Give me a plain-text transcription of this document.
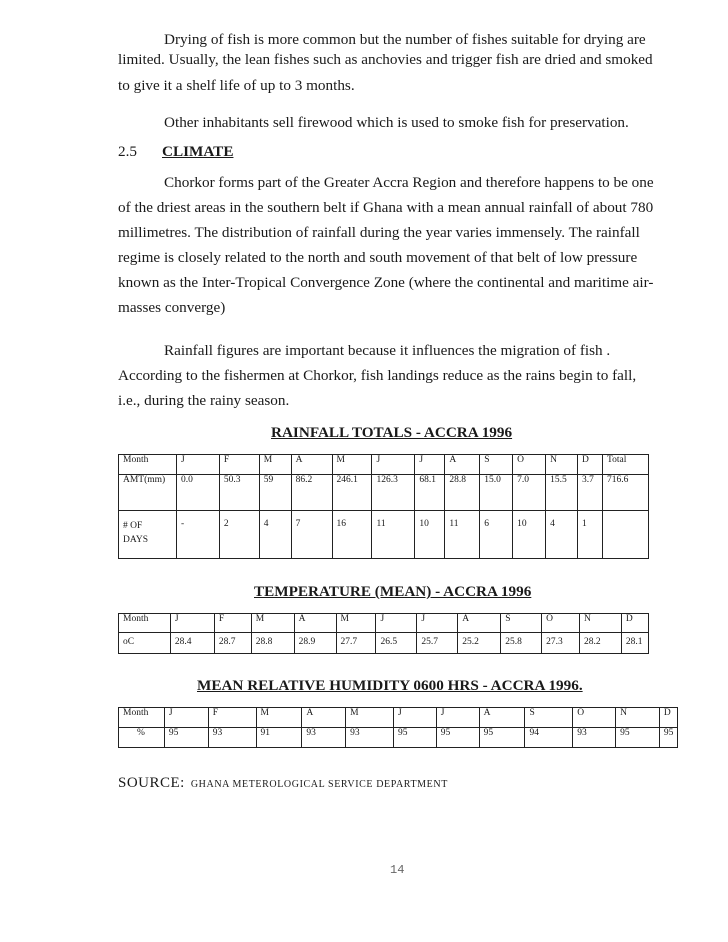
Drying of fish is more common but the number of fishes suitable for drying are
limited. Usually, the lean fishes such as anchovies and trigger fish are dried and smoked
to give it a shelf life of up to 3 months.
Other inhabitants sell firewood which is used to smoke fish for preservation.
2.5 CLIMATE
Chorkor forms part of the Greater Accra Region and therefore happens to be one
of the driest areas in the southern belt if Ghana with a mean annual rainfall of about 780
millimetres. The distribution of rainfall during the year varies immensely. The rainfall
regime is closely related to the north and south movement of that belt of low pressure
known as the Inter-Tropical Convergence Zone (where the continental and maritime air-
masses converge)
Rainfall figures are important because it influences the migration of fish .
According to the fishermen at Chorkor, fish landings reduce as the rains begin to fall,
i.e., during the rainy season.
RAINFALL TOTALS - ACCRA 1996
Month	J	F	M	A	M	J	J	A	S	O	N	D	Total
AMT(mm)	0.0	50.3	59	86.2	246.1	126.3	68.1	28.8	15.0	7.0	15.5	3.7	716.6
# OF
DAYS	-	2	4	7	16	11	10	11	6	10	4	1	
TEMPERATURE (MEAN) - ACCRA 1996
Month	J	F	M	A	M	J	J	A	S	O	N	D
oC	28.4	28.7	28.8	28.9	27.7	26.5	25.7	25.2	25.8	27.3	28.2	28.1
MEAN RELATIVE HUMIDITY 0600 HRS - ACCRA 1996.
Month	J	F	M	A	M	J	J	A	S	O	N	D
%	95	93	91	93	93	95	95	95	94	93	95	95
SOURCE: GHANA METEROLOGICAL SERVICE DEPARTMENT
14
